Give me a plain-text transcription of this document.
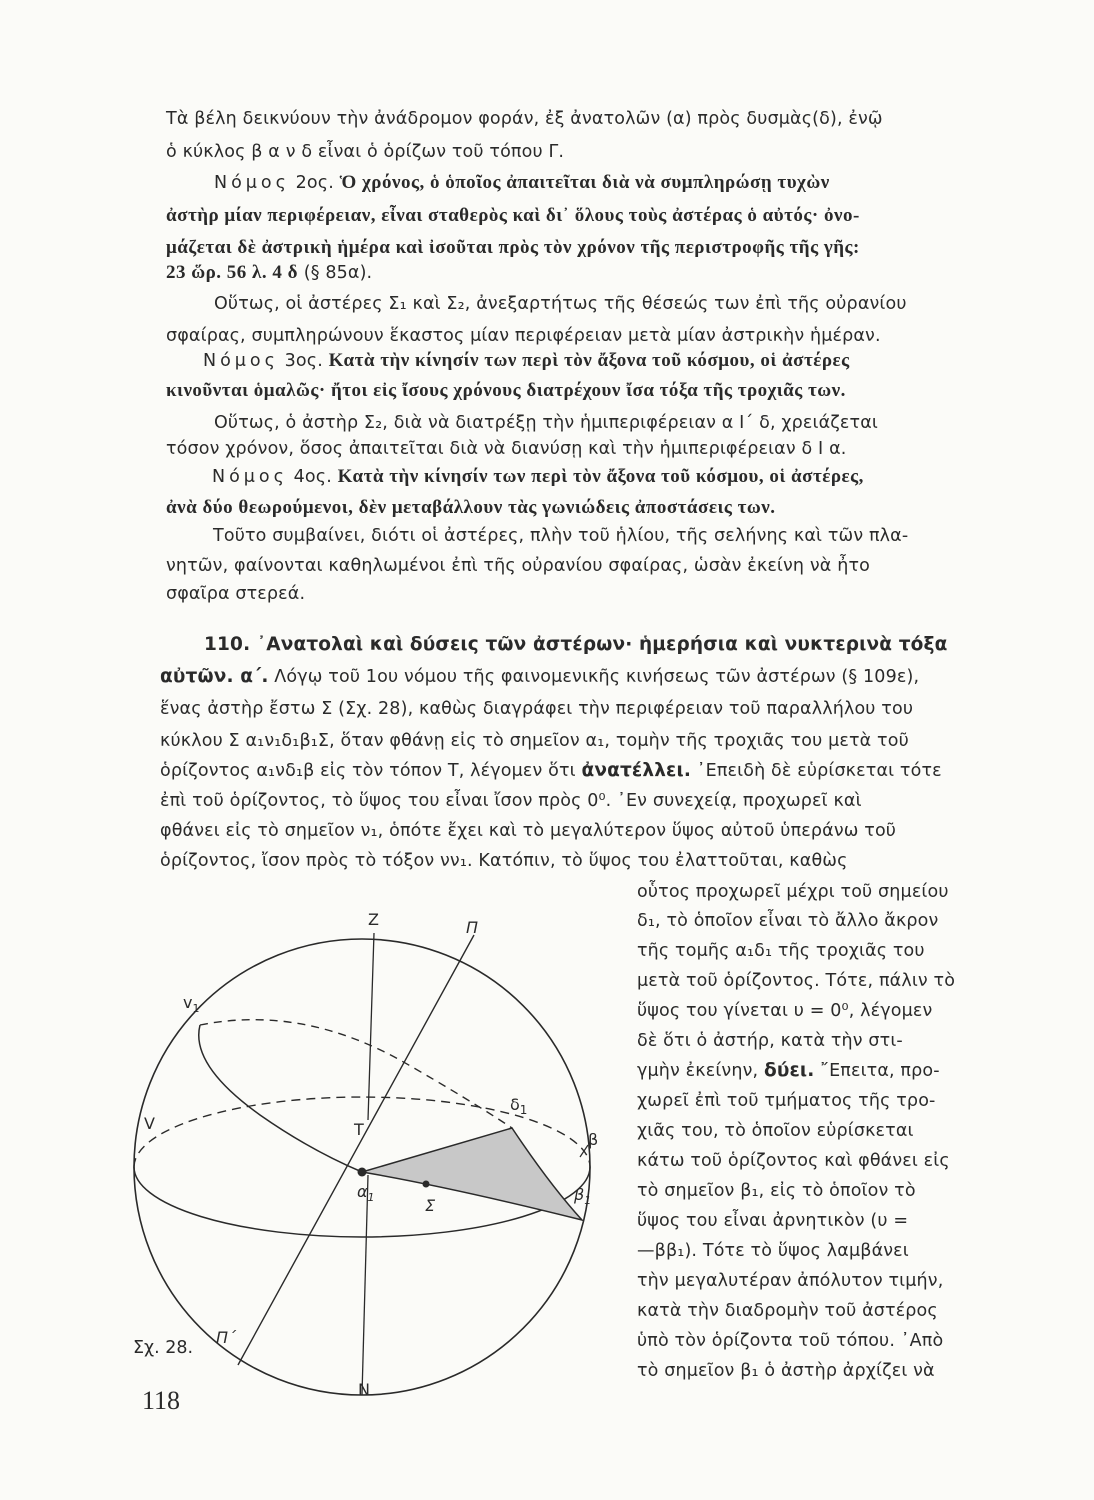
Τὰ βέλη δεικνύουν τὴν ἀνάδρομον φοράν, ἐξ ἀνατολῶν (α) πρὸς δυσμὰς(δ), ἐνῷ
ὁ κύκλος β α ν δ εἶναι ὁ ὁρίζων τοῦ τόπου Γ.
Νόμος 2ος. Ὁ χρόνος, ὁ ὁποῖος ἀπαιτεῖται διὰ νὰ συμπληρώσῃ τυχὼν
ἀστὴρ μίαν περιφέρειαν, εἶναι σταθερὸς καὶ δι᾽ ὅλους τοὺς ἀστέρας ὁ αὐτός· ὀνο-
μάζεται δὲ ἀστρικὴ ἡμέρα καὶ ἰσοῦται πρὸς τὸν χρόνον τῆς περιστροφῆς τῆς γῆς:
23 ὥρ. 56 λ. 4 δ (§ 85α).
Οὕτως, οἱ ἀστέρες Σ₁ καὶ Σ₂, ἀνεξαρτήτως τῆς θέσεώς των ἐπὶ τῆς οὐρανίου
σφαίρας, συμπληρώνουν ἕκαστος μίαν περιφέρειαν μετὰ μίαν ἀστρικὴν ἡμέραν.
Νόμος 3ος. Κατὰ τὴν κίνησίν των περὶ τὸν ἄξονα τοῦ κόσμου, οἱ ἀστέρες
κινοῦνται ὁμαλῶς· ἤτοι εἰς ἴσους χρόνους διατρέχουν ἴσα τόξα τῆς τροχιᾶς των.
Οὕτως, ὁ ἀστὴρ Σ₂, διὰ νὰ διατρέξῃ τὴν ἡμιπεριφέρειαν α Ι΄ δ, χρειάζεται
τόσον χρόνον, ὅσος ἀπαιτεῖται διὰ νὰ διανύσῃ καὶ τὴν ἡμιπεριφέρειαν δ Ι α.
Νόμος 4ος. Κατὰ τὴν κίνησίν των περὶ τὸν ἄξονα τοῦ κόσμου, οἱ ἀστέρες,
ἀνὰ δύο θεωρούμενοι, δὲν μεταβάλλουν τὰς γωνιώδεις ἀποστάσεις των.
Τοῦτο συμβαίνει, διότι οἱ ἀστέρες, πλὴν τοῦ ἡλίου, τῆς σελήνης καὶ τῶν πλα-
νητῶν, φαίνονται καθηλωμένοι ἐπὶ τῆς οὐρανίου σφαίρας, ὡσὰν ἐκείνη νὰ ἦτο
σφαῖρα στερεά.
110. ᾿Ανατολαὶ καὶ δύσεις τῶν ἀστέρων· ἡμερήσια καὶ νυκτερινὰ τόξα
αὐτῶν. α΄. Λόγῳ τοῦ 1ου νόμου τῆς φαινομενικῆς κινήσεως τῶν ἀστέρων (§ 109ε),
ἕνας ἀστὴρ ἔστω Σ (Σχ. 28), καθὼς διαγράφει τὴν περιφέρειαν τοῦ παραλλήλου του
κύκλου Σ α₁ν₁δ₁β₁Σ, ὅταν φθάνῃ εἰς τὸ σημεῖον α₁, τομὴν τῆς τροχιᾶς του μετὰ τοῦ
ὁρίζοντος α₁νδ₁β εἰς τὸν τόπον Τ, λέγομεν ὅτι ἀνατέλλει. ᾿Επειδὴ δὲ εὑρίσκεται τότε
ἐπὶ τοῦ ὁρίζοντος, τὸ ὕψος του εἶναι ἴσον πρὸς 0⁰. ᾿Εν συνεχείᾳ, προχωρεῖ καὶ
φθάνει εἰς τὸ σημεῖον ν₁, ὁπότε ἔχει καὶ τὸ μεγαλύτερον ὕψος αὐτοῦ ὑπεράνω τοῦ
ὁρίζοντος, ἴσον πρὸς τὸ τόξον νν₁. Κατόπιν, τὸ ὕψος του ἐλαττοῦται, καθὼς
οὗτος προχωρεῖ μέχρι τοῦ σημείου
δ₁, τὸ ὁποῖον εἶναι τὸ ἄλλο ἄκρον
τῆς τομῆς α₁δ₁ τῆς τροχιᾶς του
μετὰ τοῦ ὁρίζοντος. Τότε, πάλιν τὸ
ὕψος του γίνεται υ = 0⁰, λέγομεν
δὲ ὅτι ὁ ἀστήρ, κατὰ τὴν στι-
γμὴν ἐκείνην, δύει. ῎Επειτα, προ-
χωρεῖ ἐπὶ τοῦ τμήματος τῆς τρο-
χιᾶς του, τὸ ὁποῖον εὑρίσκεται
κάτω τοῦ ὁρίζοντος καὶ φθάνει εἰς
τὸ σημεῖον β₁, εἰς τὸ ὁποῖον τὸ
ὕψος του εἶναι ἀρνητικὸν (υ =
—ββ₁). Τότε τὸ ὕψος λαμβάνει
τὴν μεγαλυτέραν ἀπόλυτον τιμήν,
κατὰ τὴν διαδρομὴν τοῦ ἀστέρος
ὑπὸ τὸν ὁρίζοντα τοῦ τόπου. ᾿Απὸ
τὸ σημεῖον β₁ ὁ ἀστὴρ ἀρχίζει νὰ
Z
N
Π
Π΄
$v_1$
V	T
$\alpha_1$
$\delta_1$
β
$\beta_1$
Σ
Σχ. 28.
118
